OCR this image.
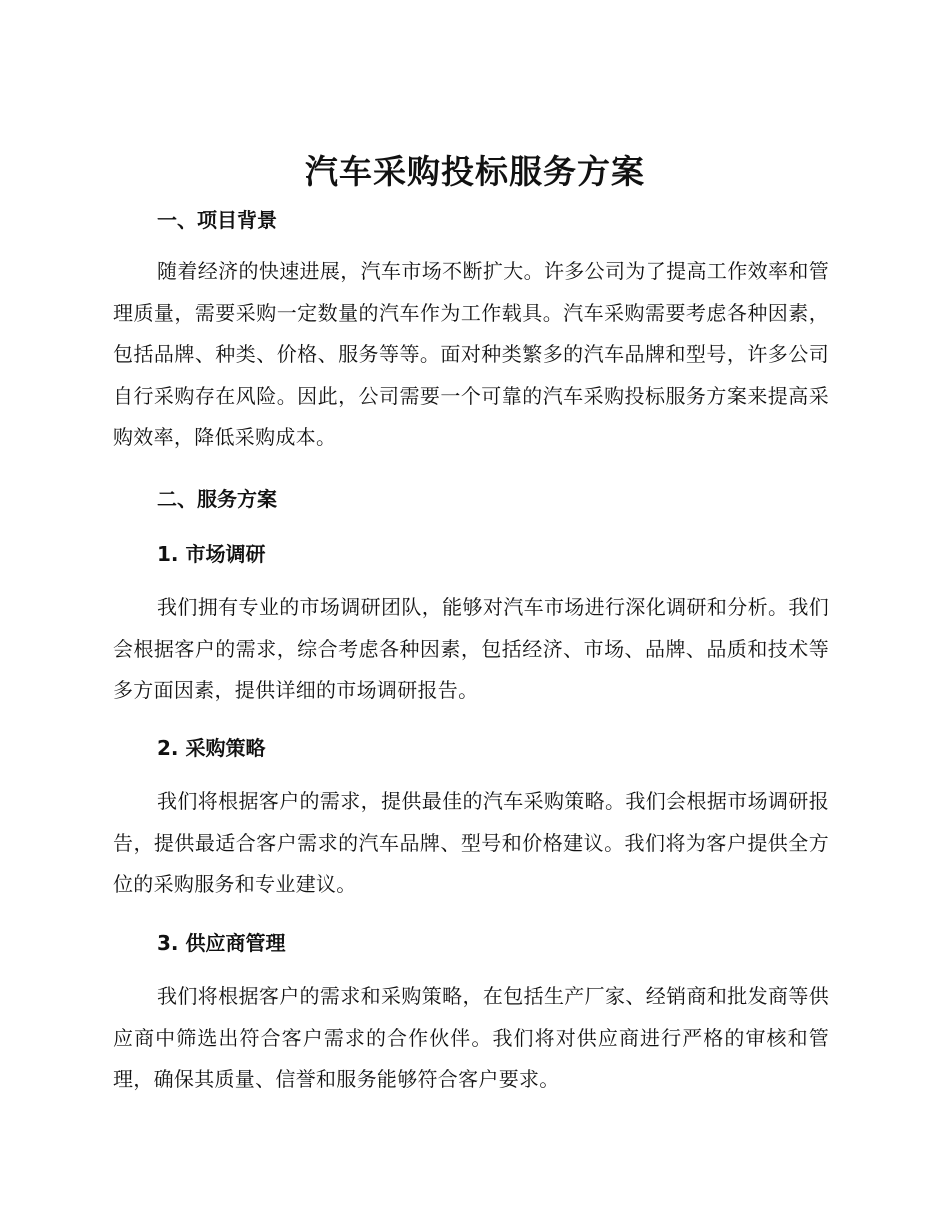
汽车采购投标服务方案
一、项目背景

随着经济的快速进展，汽车市场不断扩大。许多公司为了提高工作效率和管理质量，需要采购一定数量的汽车作为工作载具。汽车采购需要考虑各种因素，包括品牌、种类、价格、服务等等。面对种类繁多的汽车品牌和型号，许多公司自行采购存在风险。因此，公司需要一个可靠的汽车采购投标服务方案来提高采购效率，降低采购成本。

二、服务方案
1. 市场调研

我们拥有专业的市场调研团队，能够对汽车市场进行深化调研和分析。我们会根据客户的需求，综合考虑各种因素，包括经济、市场、品牌、品质和技术等多方面因素，提供详细的市场调研报告。

2. 采购策略

我们将根据客户的需求，提供最佳的汽车采购策略。我们会根据市场调研报告，提供最适合客户需求的汽车品牌、型号和价格建议。我们将为客户提供全方位的采购服务和专业建议。

3. 供应商管理

我们将根据客户的需求和采购策略，在包括生产厂家、经销商和批发商等供应商中筛选出符合客户需求的合作伙伴。我们将对供应商进行严格的审核和管理，确保其质量、信誉和服务能够符合客户要求。
